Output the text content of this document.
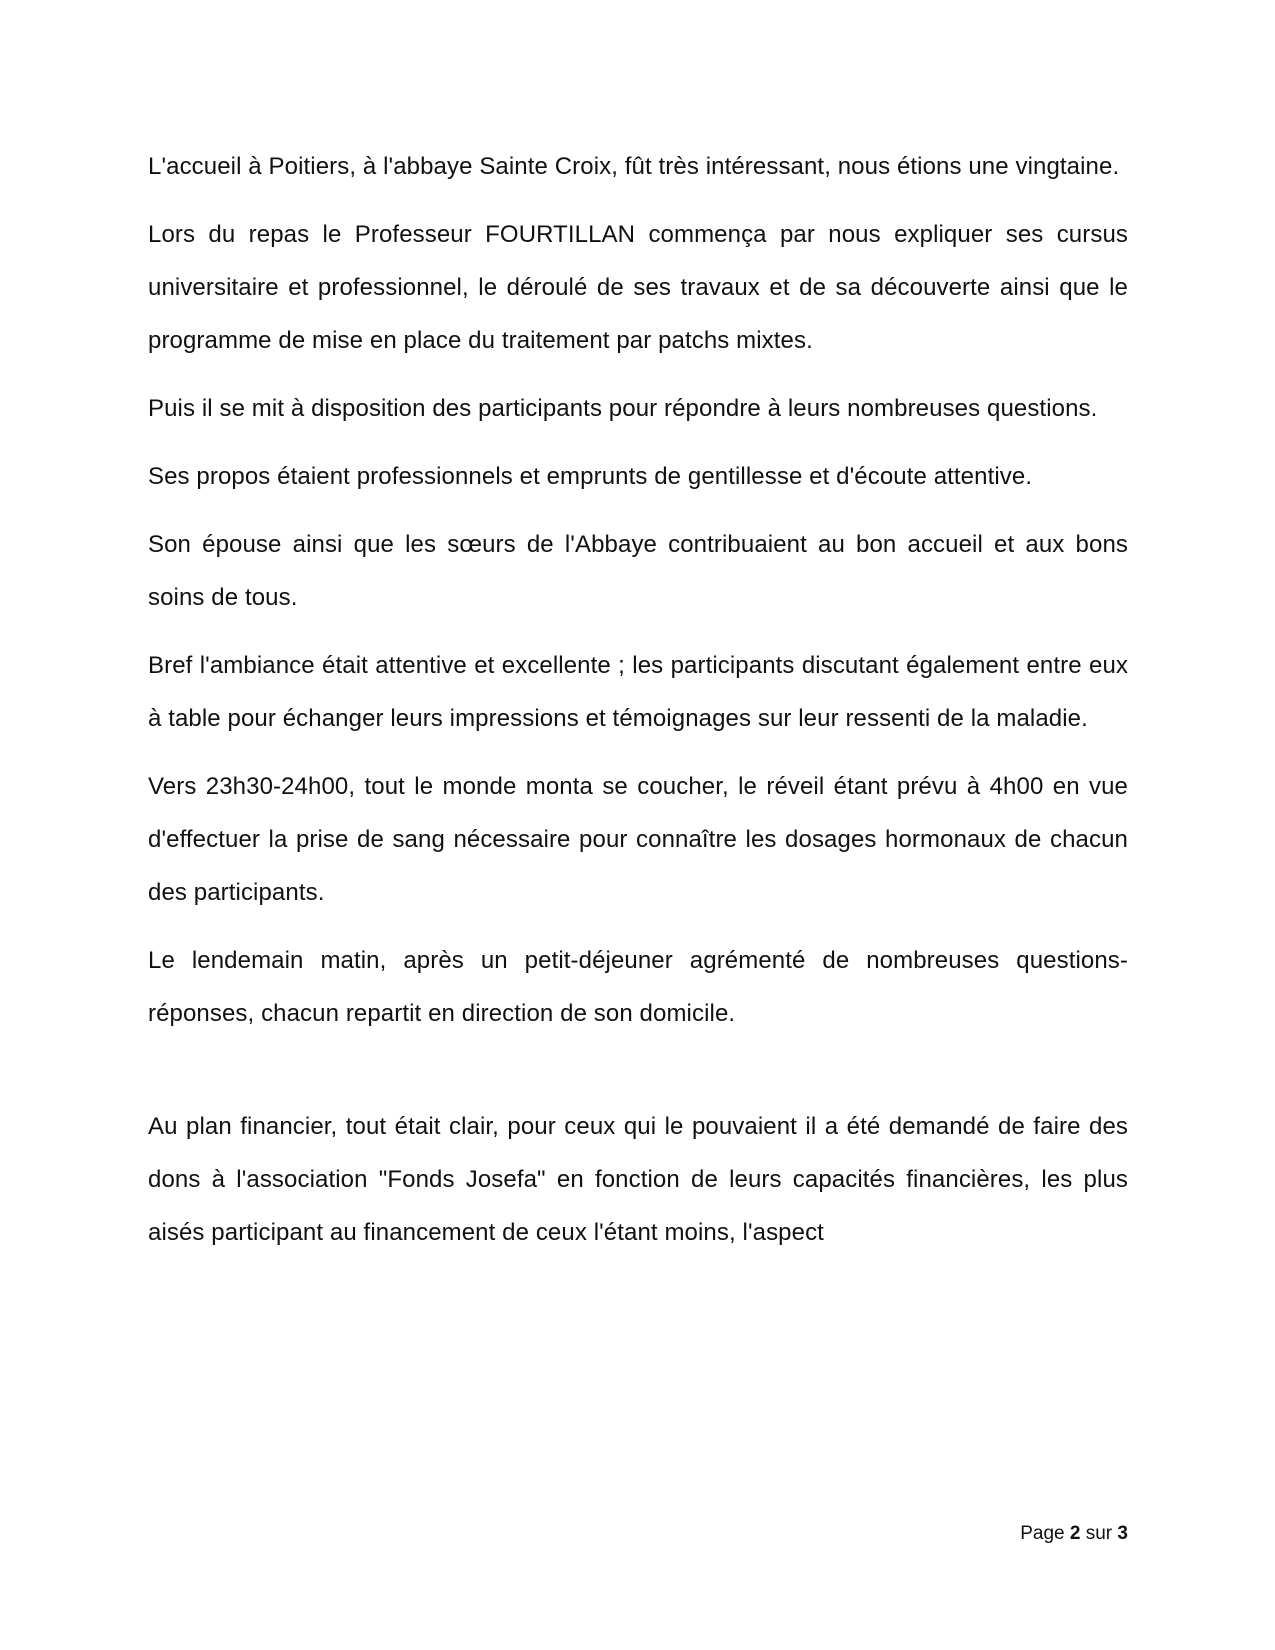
L'accueil à Poitiers, à l'abbaye Sainte Croix, fût très intéressant, nous étions une vingtaine.

Lors du repas le Professeur FOURTILLAN commença par nous expliquer ses cursus universitaire et professionnel, le déroulé de ses travaux et de sa découverte ainsi que le programme de mise en place du traitement par patchs mixtes.

Puis il se mit à disposition des participants pour répondre à leurs nombreuses questions.

Ses propos étaient professionnels et emprunts de gentillesse et d'écoute attentive.

Son épouse ainsi que les sœurs de l'Abbaye contribuaient au bon accueil et aux bons soins de tous.

Bref l'ambiance était attentive et excellente ; les participants discutant également entre eux à table pour échanger leurs impressions et témoignages sur leur ressenti de la maladie.

Vers 23h30-24h00, tout le monde monta se coucher, le réveil étant prévu à 4h00 en vue d'effectuer la prise de sang nécessaire pour connaître les dosages hormonaux de chacun des participants.

Le lendemain matin, après un petit-déjeuner agrémenté de nombreuses questions-réponses, chacun repartit en direction de son domicile.

Au plan financier, tout était clair, pour ceux qui le pouvaient il a été demandé de faire des dons à l'association "Fonds Josefa" en fonction de leurs capacités financières, les plus aisés participant au financement de ceux l'étant moins, l'aspect

Page 2 sur 3
